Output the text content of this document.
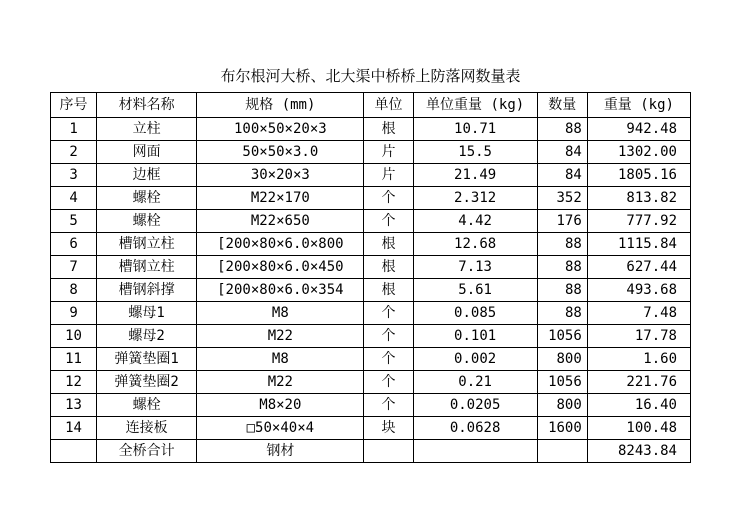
布尔根河大桥、北大渠中桥桥上防落网数量表
序号	材料名称	规格 (mm)	单位	单位重量 (kg)	数量	重量 (kg)
1	立柱	100×50×20×3	根	10.71	88	942.48
2	网面	50×50×3.0	片	15.5	84	1302.00
3	边框	30×20×3	片	21.49	84	1805.16
4	螺栓	M22×170	个	2.312	352	813.82
5	螺栓	M22×650	个	4.42	176	777.92
6	槽钢立柱	[200×80×6.0×800	根	12.68	88	1115.84
7	槽钢立柱	[200×80×6.0×450	根	7.13	88	627.44
8	槽钢斜撑	[200×80×6.0×354	根	5.61	88	493.68
9	螺母1	M8	个	0.085	88	7.48
10	螺母2	M22	个	0.101	1056	17.78
11	弹簧垫圈1	M8	个	0.002	800	1.60
12	弹簧垫圈2	M22	个	0.21	1056	221.76
13	螺栓	M8×20	个	0.0205	800	16.40
14	连接板	□50×40×4	块	0.0628	1600	100.48
	全桥合计	钢材				8243.84
